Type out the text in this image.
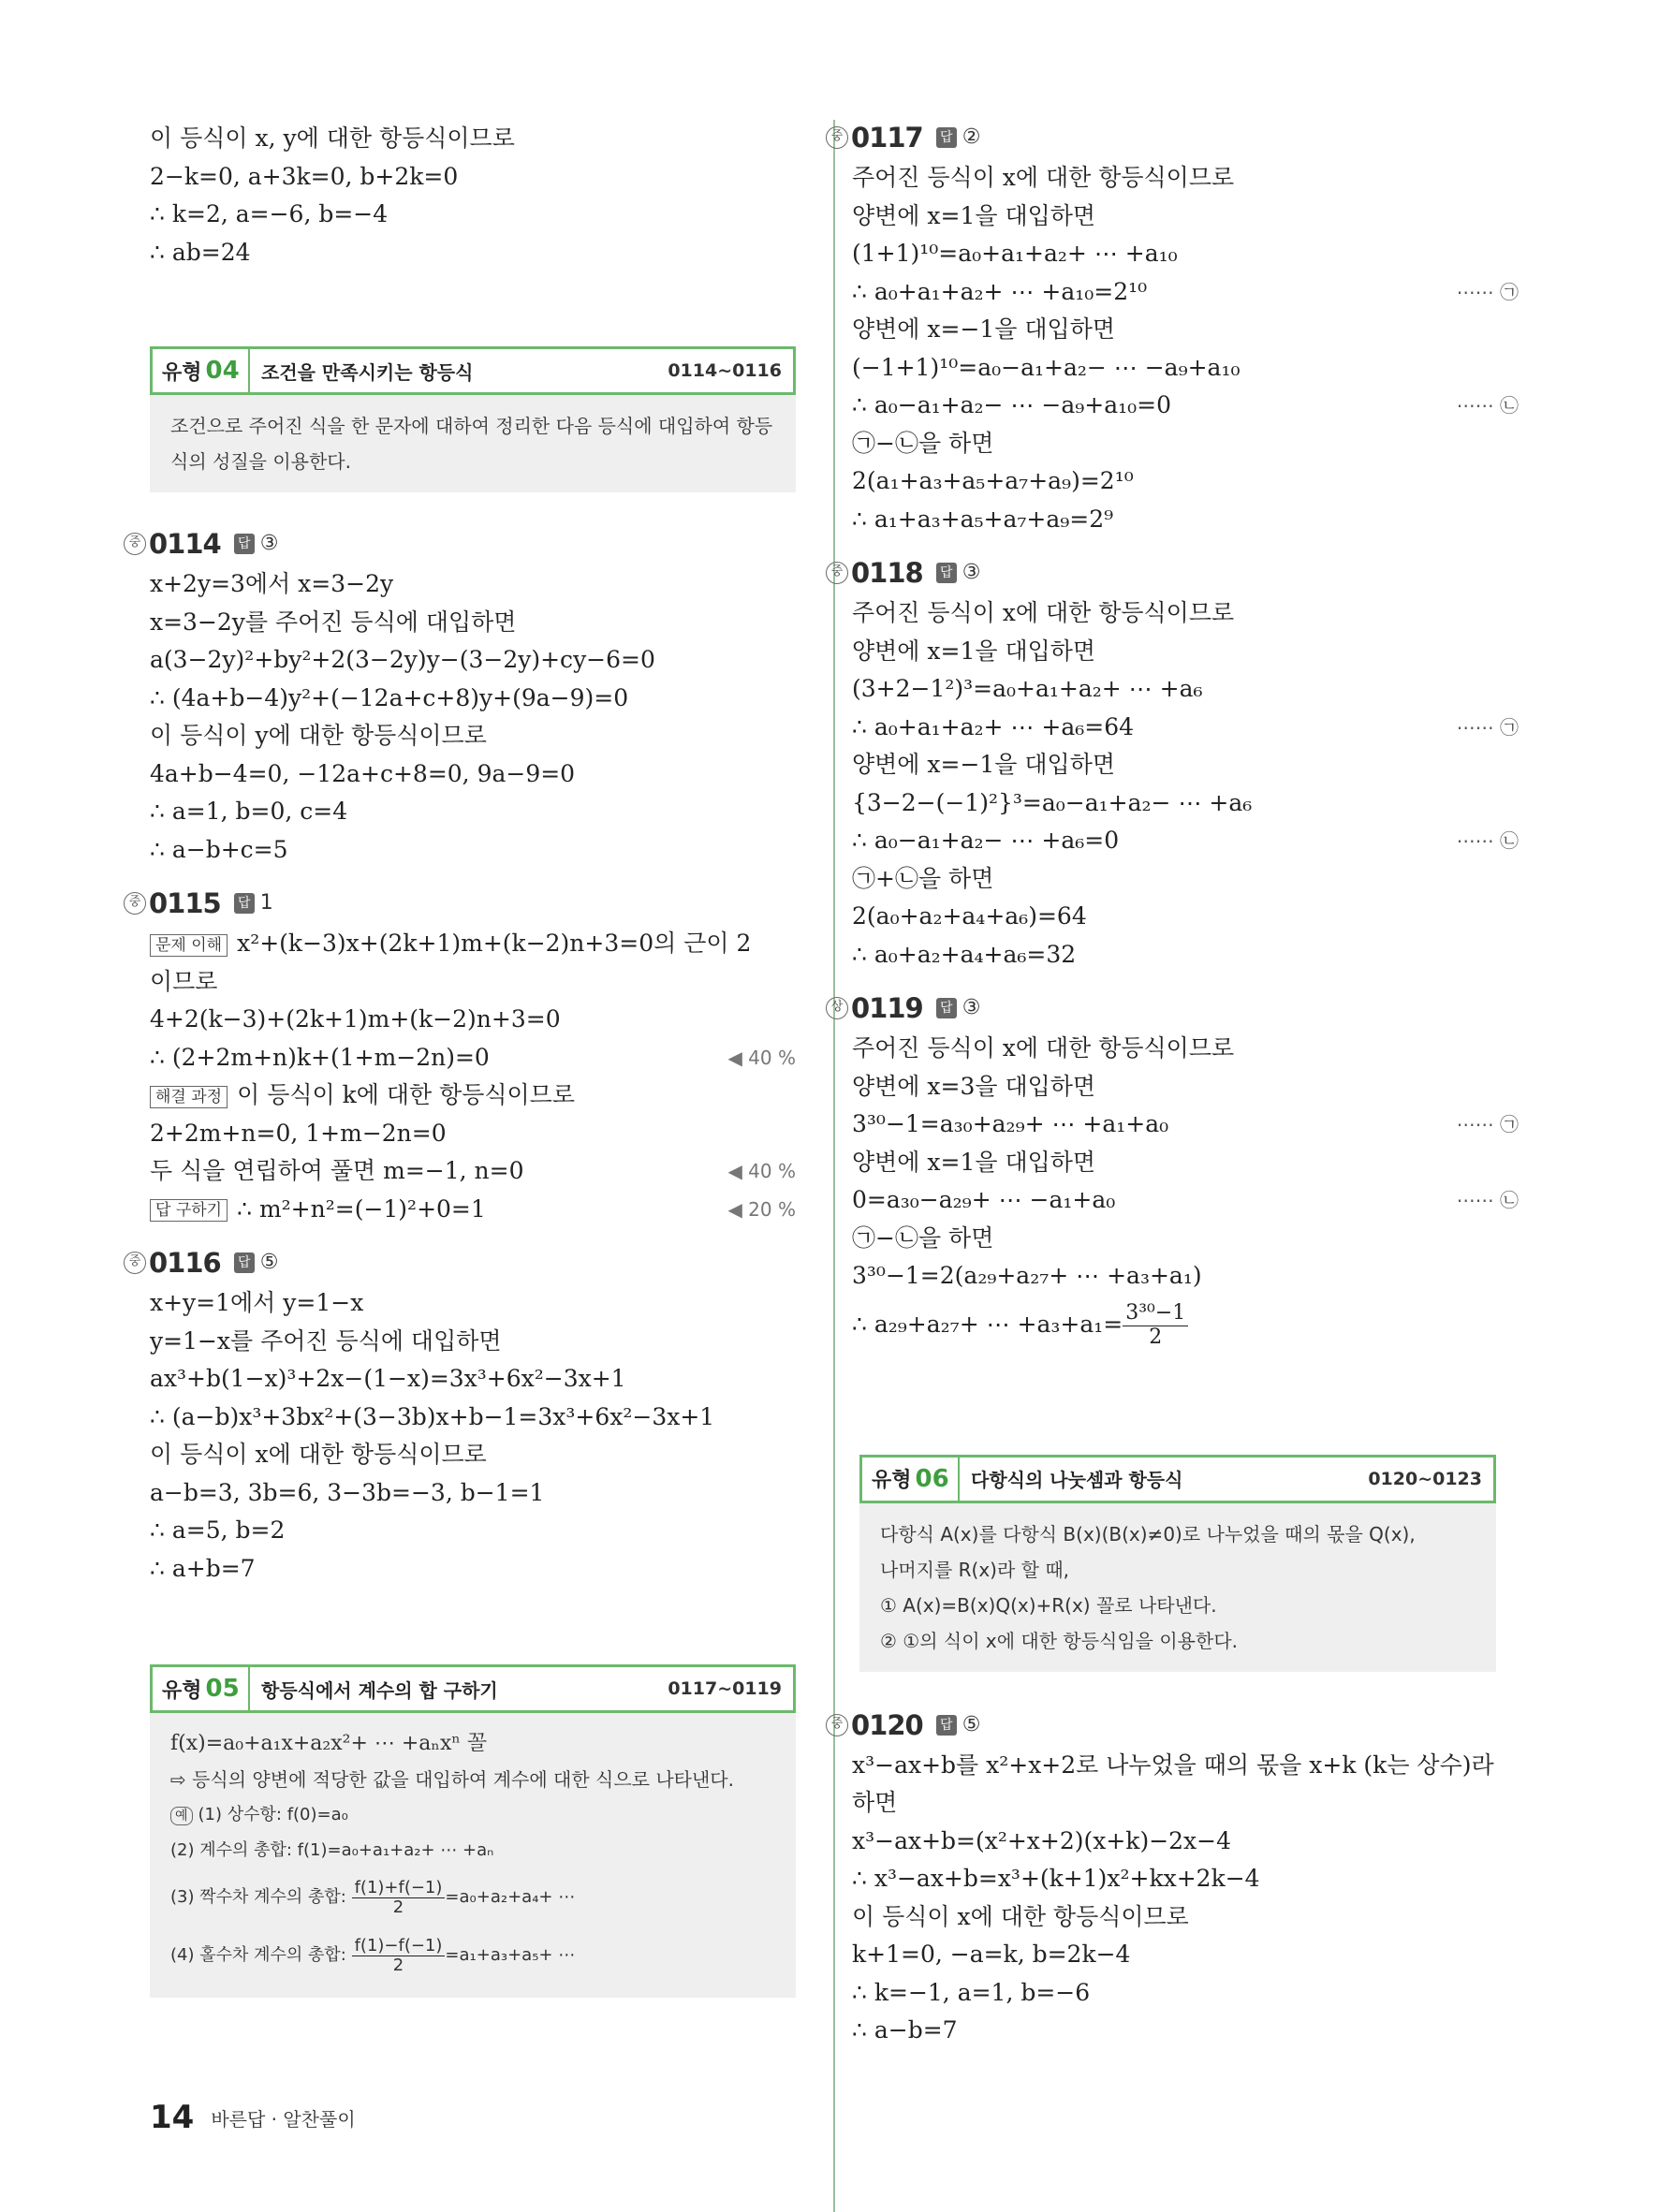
이 등식이 x, y에 대한 항등식이므로
2−k=0, a+3k=0, b+2k=0
∴ k=2, a=−6, b=−4
∴ ab=24
유형 04	조건을 만족시키는 항등식	0114~0116
조건으로 주어진 식을 한 문자에 대하여 정리한 다음 등식에 대입하여 항등
식의 성질을 이용한다.
중 0114	답 ③
x+2y=3에서 x=3−2y
x=3−2y를 주어진 등식에 대입하면
a(3−2y)²+by²+2(3−2y)y−(3−2y)+cy−6=0
∴ (4a+b−4)y²+(−12a+c+8)y+(9a−9)=0
이 등식이 y에 대한 항등식이므로
4a+b−4=0, −12a+c+8=0, 9a−9=0
∴ a=1, b=0, c=4
∴ a−b+c=5
중 0115	답 1
문제 이해 x²+(k−3)x+(2k+1)m+(k−2)n+3=0의 근이 2
이므로
4+2(k−3)+(2k+1)m+(k−2)n+3=0
∴ (2+2m+n)k+(1+m−2n)=0	◀ 40 %
해결 과정 이 등식이 k에 대한 항등식이므로
2+2m+n=0, 1+m−2n=0
두 식을 연립하여 풀면 m=−1, n=0	◀ 40 %
답 구하기 ∴ m²+n²=(−1)²+0=1	◀ 20 %
중 0116	답 ⑤
x+y=1에서 y=1−x
y=1−x를 주어진 등식에 대입하면
ax³+b(1−x)³+2x−(1−x)=3x³+6x²−3x+1
∴ (a−b)x³+3bx²+(3−3b)x+b−1=3x³+6x²−3x+1
이 등식이 x에 대한 항등식이므로
a−b=3, 3b=6, 3−3b=−3, b−1=1
∴ a=5, b=2
∴ a+b=7
유형 05	항등식에서 계수의 합 구하기	0117~0119
f(x)=a₀+a₁x+a₂x²+ ⋯ +aₙxⁿ 꼴
⇨ 등식의 양변에 적당한 값을 대입하여 계수에 대한 식으로 나타낸다.
예 (1) 상수항: f(0)=a₀
(2) 계수의 총합: f(1)=a₀+a₁+a₂+ ⋯ +aₙ
(3) 짝수차 계수의 총합: $\frac{f(1)+f(-1)}{2} =a_0+a_2+a_4+$ ⋯
(4) 홀수차 계수의 총합: $\frac{f(1)-f(-1)}{2} =a_1+a_3+a_5+$ ⋯
중 0117	답 ②
주어진 등식이 x에 대한 항등식이므로
양변에 x=1을 대입하면
(1+1)¹⁰=a₀+a₁+a₂+ ⋯ +a₁₀
∴ a₀+a₁+a₂+ ⋯ +a₁₀=2¹⁰	⋯⋯ ㉠
양변에 x=−1을 대입하면
(−1+1)¹⁰=a₀−a₁+a₂− ⋯ −a₉+a₁₀
∴ a₀−a₁+a₂− ⋯ −a₉+a₁₀=0	⋯⋯ ㉡
㉠−㉡을 하면
2(a₁+a₃+a₅+a₇+a₉)=2¹⁰
∴ a₁+a₃+a₅+a₇+a₉=2⁹
중 0118	답 ③
주어진 등식이 x에 대한 항등식이므로
양변에 x=1을 대입하면
(3+2−1²)³=a₀+a₁+a₂+ ⋯ +a₆
∴ a₀+a₁+a₂+ ⋯ +a₆=64	⋯⋯ ㉠
양변에 x=−1을 대입하면
{3−2−(−1)²}³=a₀−a₁+a₂− ⋯ +a₆
∴ a₀−a₁+a₂− ⋯ +a₆=0	⋯⋯ ㉡
㉠+㉡을 하면
2(a₀+a₂+a₄+a₆)=64
∴ a₀+a₂+a₄+a₆=32
상 0119	답 ③
주어진 등식이 x에 대한 항등식이므로
양변에 x=3을 대입하면
3³⁰−1=a₃₀+a₂₉+ ⋯ +a₁+a₀	⋯⋯ ㉠
양변에 x=1을 대입하면
0=a₃₀−a₂₉+ ⋯ −a₁+a₀	⋯⋯ ㉡
㉠−㉡을 하면
3³⁰−1=2(a₂₉+a₂₇+ ⋯ +a₃+a₁)
∴ a₂₉+a₂₇+ ⋯ $+a_3+a_1= \frac{\text{3³⁰−1}}{2}$
유형 06	다항식의 나눗셈과 항등식	0120~0123
다항식 A(x)를 다항식 B(x)(B(x)≠0)로 나누었을 때의 몫을 Q(x),
나머지를 R(x)라 할 때,
① A(x)=B(x)Q(x)+R(x) 꼴로 나타낸다.
② ①의 식이 x에 대한 항등식임을 이용한다.
중 0120	답 ⑤
x³−ax+b를 x²+x+2로 나누었을 때의 몫을 x+k (k는 상수)라
하면
x³−ax+b=(x²+x+2)(x+k)−2x−4
∴ x³−ax+b=x³+(k+1)x²+kx+2k−4
이 등식이 x에 대한 항등식이므로
k+1=0, −a=k, b=2k−4
∴ k=−1, a=1, b=−6
∴ a−b=7
14 바른답 · 알찬풀이
